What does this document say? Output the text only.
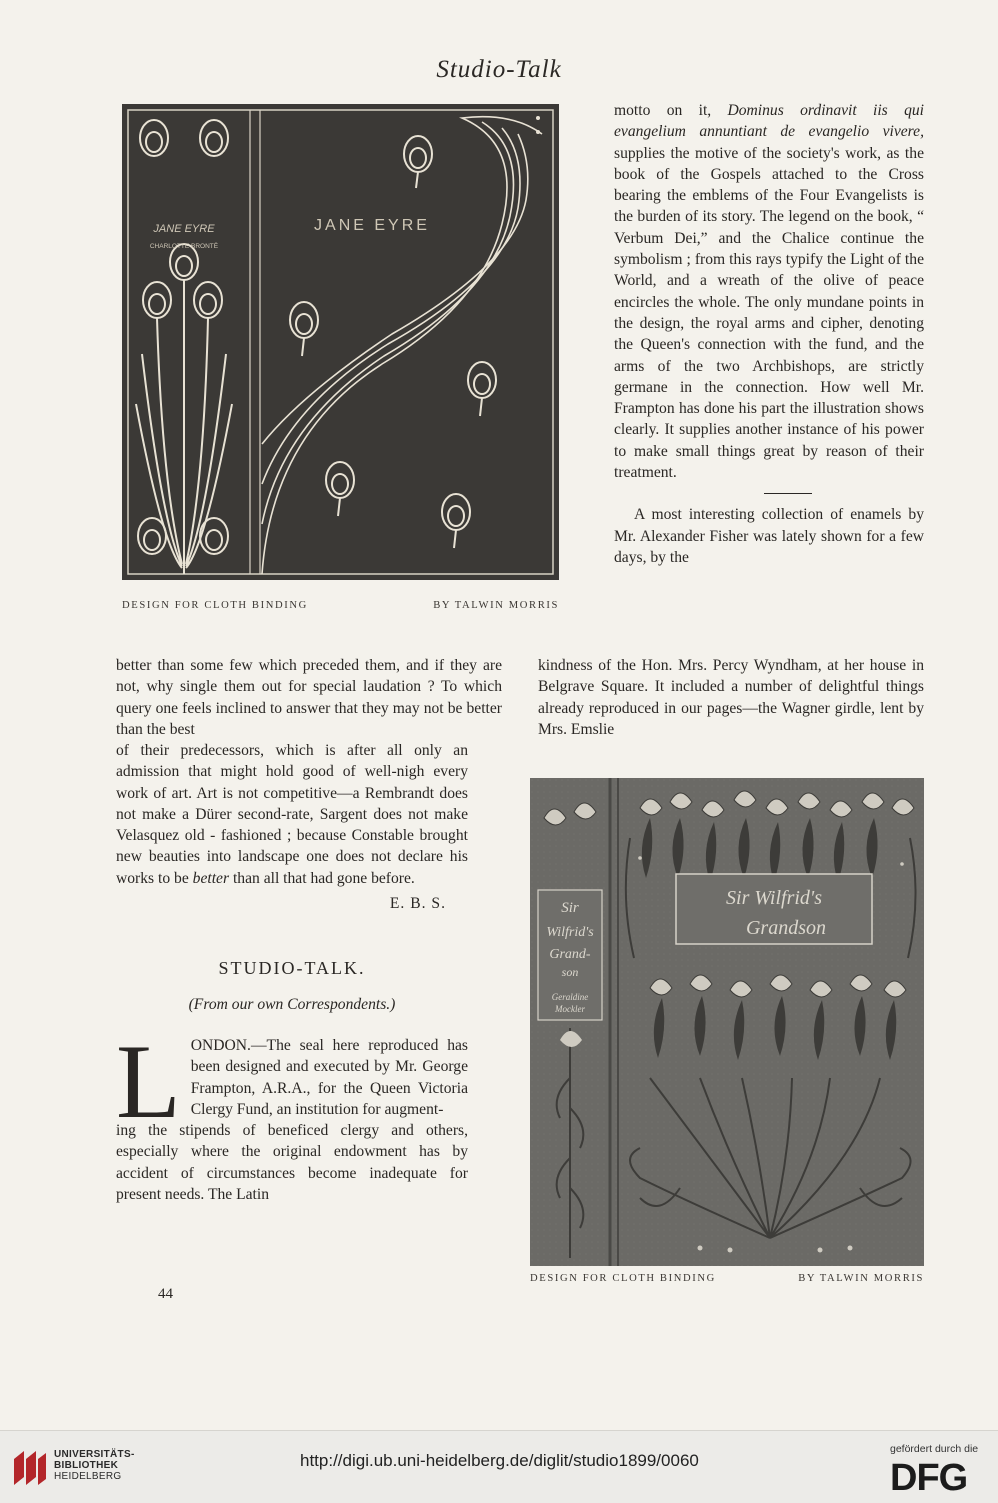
Studio-Talk
JANE EYRE
CHARLOTTE BRONTË
JANE EYRE
DESIGN FOR CLOTH BINDING	BY TALWIN MORRIS

motto on it, Dominus ordinavit iis qui evangelium annuntiant de evangelio vivere, supplies the motive of the society's work, as the book of the Gospels attached to the Cross bearing the emblems of the Four Evangelists is the burden of its story. The legend on the book, “ Verbum Dei,” and the Chalice continue the symbolism ; from this rays typify the Light of the World, and a wreath of the olive of peace encircles the whole. The only mundane points in the design, the royal arms and cipher, denoting the Queen's connection with the fund, and the arms of the two Archbishops, are strictly germane in the connection. How well Mr. Frampton has done his part the illustration shows clearly. It supplies another instance of his power to make small things great by reason of their treatment.

A most interesting collection of enamels by Mr. Alexander Fisher was lately shown for a few days, by the

better than some few which preceded them, and if they are not, why single them out for special laudation ? To which query one feels inclined to answer that they may not be better than the best

kindness of the Hon. Mrs. Percy Wyndham, at her house in Belgrave Square. It included a number of delightful things already reproduced in our pages—the Wagner girdle, lent by Mrs. Emslie

of their predecessors, which is after all only an admission that might hold good of well-nigh every work of art. Art is not competitive—a Rembrandt does not make a Dürer second-rate, Sargent does not make Velasquez old - fashioned ; because Constable brought new beauties into landscape one does not declare his works to be better than all that had gone before.

E. B. S.
STUDIO-TALK.
(From our own Correspondents.)
L ONDON.—The seal here reproduced has been designed and executed by Mr. George Frampton, A.R.A., for the Queen Victoria Clergy Fund, an institution for augment-

ing the stipends of beneficed clergy and others, especially where the original endowment has by accident of circumstances become inadequate for present needs. The Latin

Sir Wilfrid's
Grandson
Sir
Wilfrid's
Grand-
son
Geraldine
Mockler
DESIGN FOR CLOTH BINDING	BY TALWIN MORRIS
44
UNIVERSITÄTS-
BIBLIOTHEK
HEIDELBERG
http://digi.ub.uni-heidelberg.de/diglit/studio1899/0060
gefördert durch die
DFG
